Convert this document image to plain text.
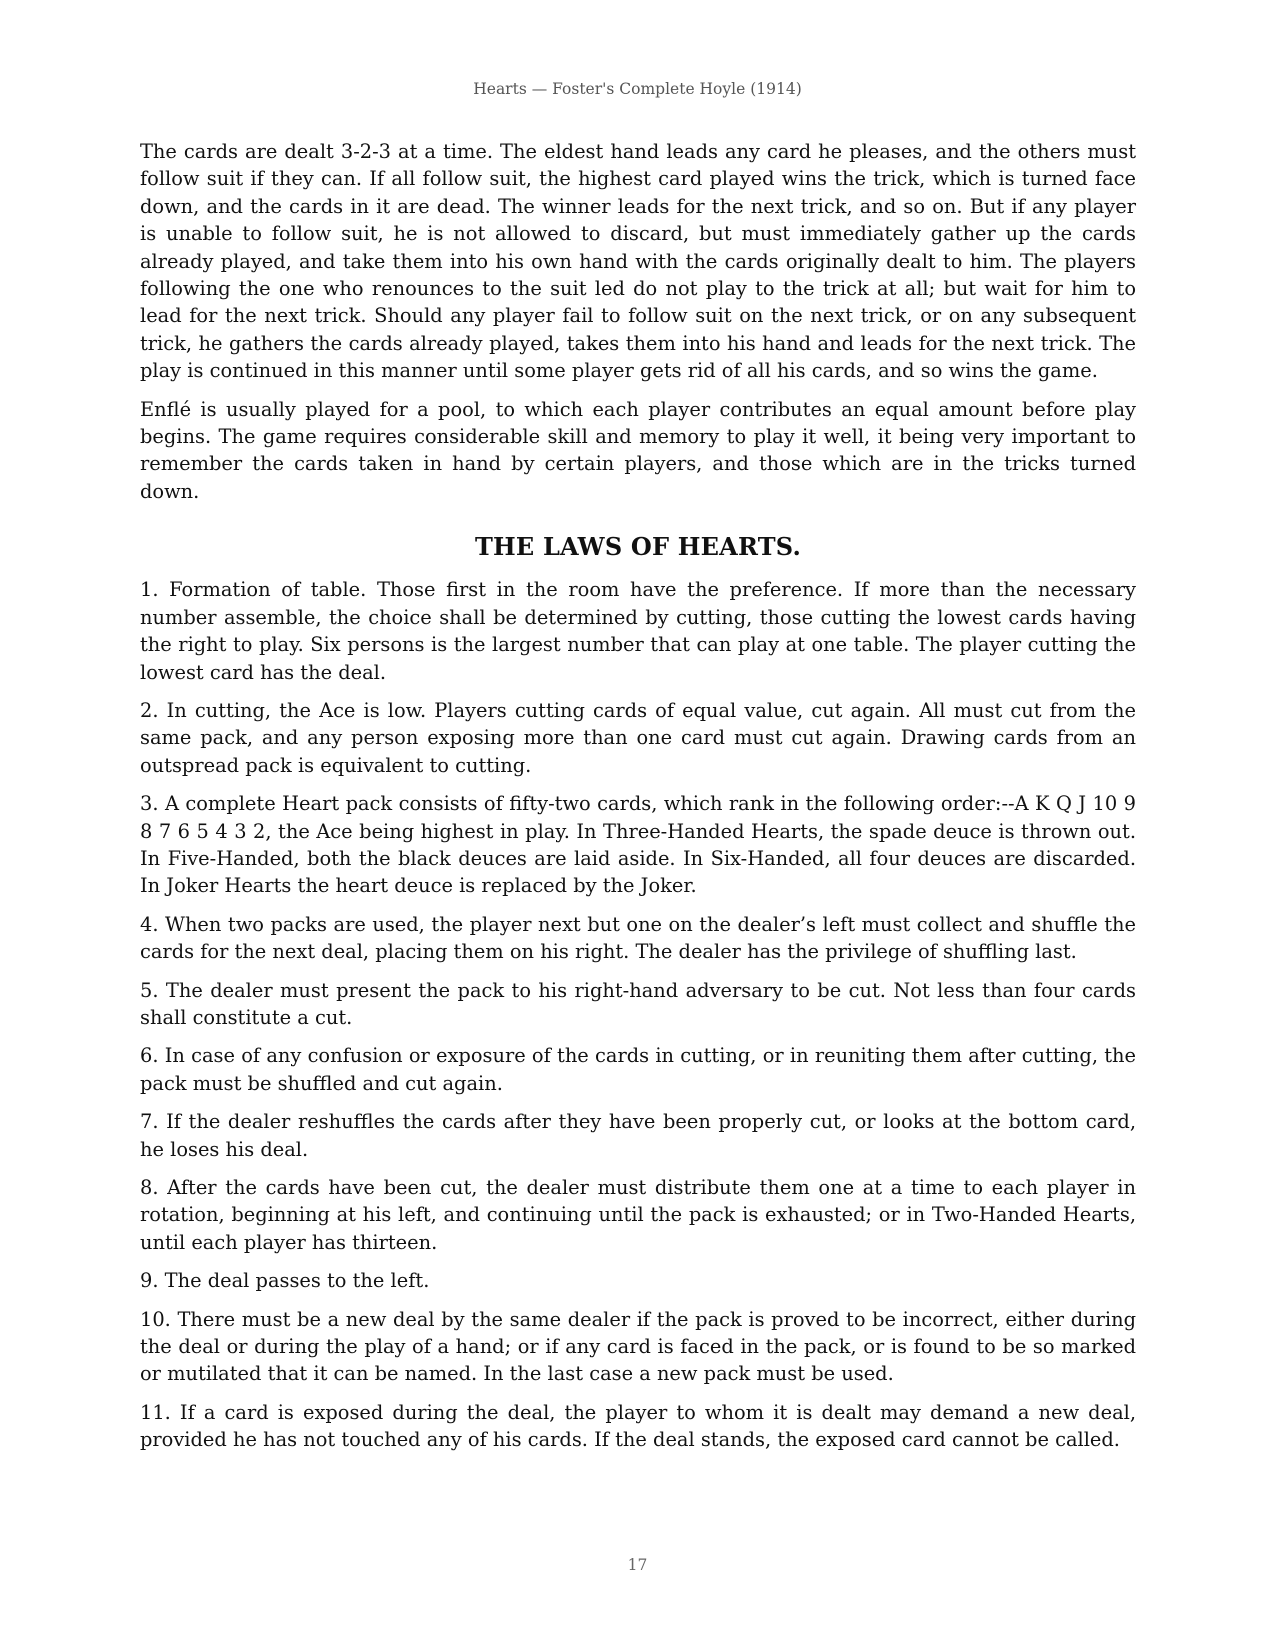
Hearts — Foster's Complete Hoyle (1914)

The cards are dealt 3-2-3 at a time. The eldest hand leads any card he pleases, and the others must follow suit if they can. If all follow suit, the highest card played wins the trick, which is turned face down, and the cards in it are dead. The winner leads for the next trick, and so on. But if any player is unable to follow suit, he is not allowed to discard, but must immediately gather up the cards already played, and take them into his own hand with the cards originally dealt to him. The players following the one who renounces to the suit led do not play to the trick at all; but wait for him to lead for the next trick. Should any player fail to follow suit on the next trick, or on any subsequent trick, he gathers the cards already played, takes them into his hand and leads for the next trick. The play is continued in this manner until some player gets rid of all his cards, and so wins the game.

Enflé is usually played for a pool, to which each player contributes an equal amount before play begins. The game requires considerable skill and memory to play it well, it being very important to remember the cards taken in hand by certain players, and those which are in the tricks turned down.

THE LAWS OF HEARTS.

1. Formation of table. Those first in the room have the preference. If more than the necessary number assemble, the choice shall be determined by cutting, those cutting the lowest cards having the right to play. Six persons is the largest number that can play at one table. The player cutting the lowest card has the deal.

2. In cutting, the Ace is low. Players cutting cards of equal value, cut again. All must cut from the same pack, and any person exposing more than one card must cut again. Drawing cards from an outspread pack is equivalent to cutting.

3. A complete Heart pack consists of fifty-two cards, which rank in the following order:--A K Q J 10 9 8 7 6 5 4 3 2, the Ace being highest in play. In Three-Handed Hearts, the spade deuce is thrown out. In Five-Handed, both the black deuces are laid aside. In Six-Handed, all four deuces are discarded. In Joker Hearts the heart deuce is replaced by the Joker.

4. When two packs are used, the player next but one on the dealer’s left must collect and shuffle the cards for the next deal, placing them on his right. The dealer has the privilege of shuffling last.

5. The dealer must present the pack to his right-hand adversary to be cut. Not less than four cards shall constitute a cut.

6. In case of any confusion or exposure of the cards in cutting, or in reuniting them after cutting, the pack must be shuffled and cut again.

7. If the dealer reshuffles the cards after they have been properly cut, or looks at the bottom card, he loses his deal.

8. After the cards have been cut, the dealer must distribute them one at a time to each player in rotation, beginning at his left, and continuing until the pack is exhausted; or in Two-Handed Hearts, until each player has thirteen.

9. The deal passes to the left.

10. There must be a new deal by the same dealer if the pack is proved to be incorrect, either during the deal or during the play of a hand; or if any card is faced in the pack, or is found to be so marked or mutilated that it can be named. In the last case a new pack must be used.

11. If a card is exposed during the deal, the player to whom it is dealt may demand a new deal, provided he has not touched any of his cards. If the deal stands, the exposed card cannot be called.

17
